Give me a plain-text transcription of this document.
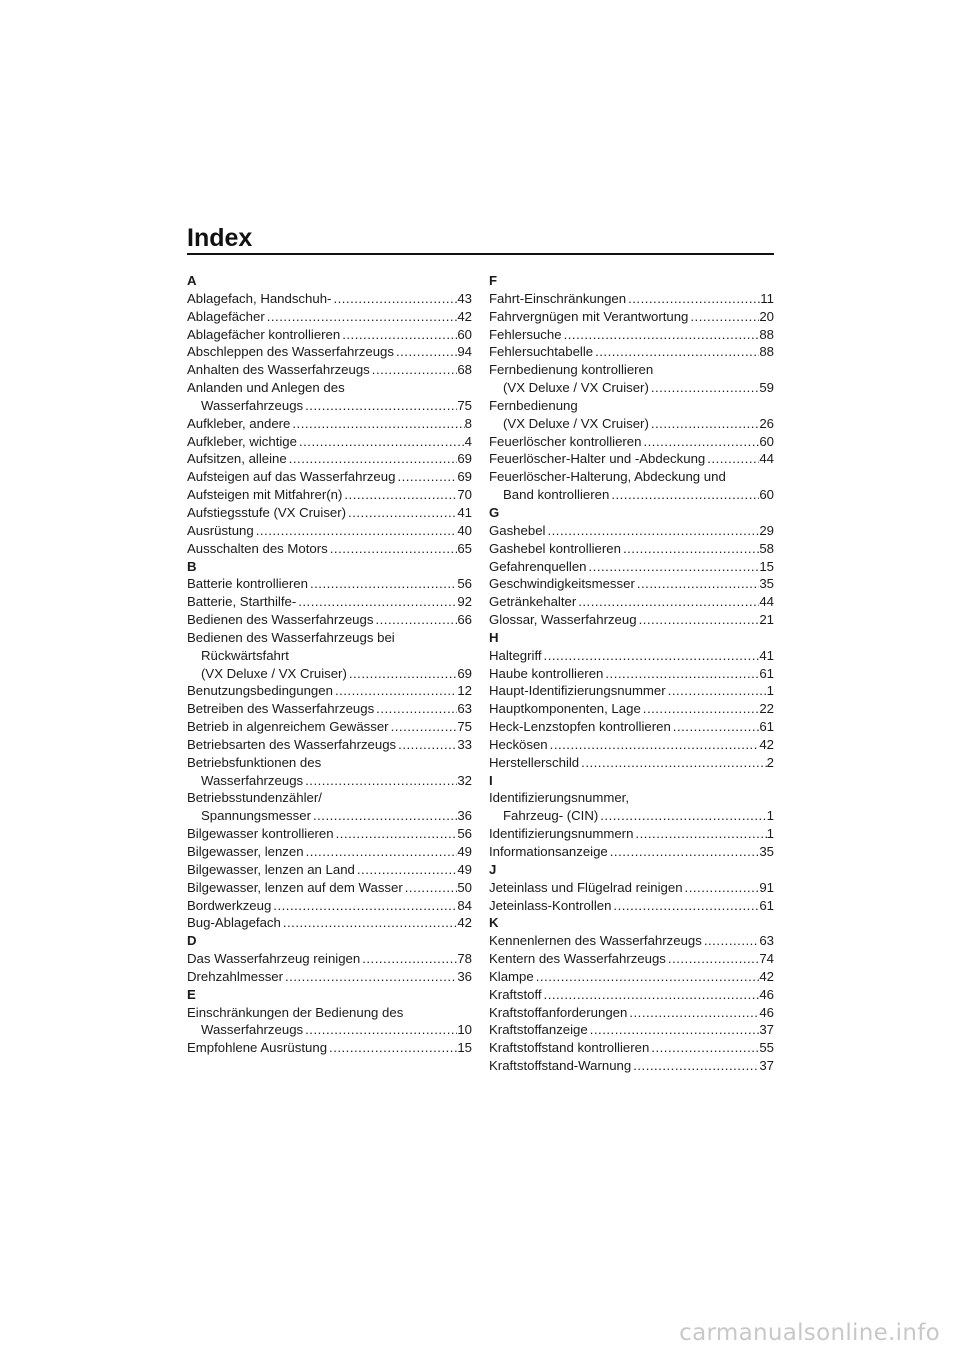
Index
A
Ablagefach, Handschuh- .....	43
Ablagefächer .....	42
Ablagefächer kontrollieren .....	60
Abschleppen des Wasserfahrzeugs .....	94
Anhalten des Wasserfahrzeugs .....	68
Anlanden und Anlegen des
Wasserfahrzeugs .....	75
Aufkleber, andere .....	8
Aufkleber, wichtige .....	4
Aufsitzen, alleine .....	69
Aufsteigen auf das Wasserfahrzeug .....	69
Aufsteigen mit Mitfahrer(n) .....	70
Aufstiegsstufe (VX Cruiser) .....	41
Ausrüstung .....	40
Ausschalten des Motors .....	65
B
Batterie kontrollieren .....	56
Batterie, Starthilfe- .....	92
Bedienen des Wasserfahrzeugs .....	66
Bedienen des Wasserfahrzeugs bei
Rückwärtsfahrt
(VX Deluxe / VX Cruiser) .....	69
Benutzungsbedingungen .....	12
Betreiben des Wasserfahrzeugs .....	63
Betrieb in algenreichem Gewässer .....	75
Betriebsarten des Wasserfahrzeugs .....	33
Betriebsfunktionen des
Wasserfahrzeugs .....	32
Betriebsstundenzähler/
Spannungsmesser .....	36
Bilgewasser kontrollieren .....	56
Bilgewasser, lenzen .....	49
Bilgewasser, lenzen an Land .....	49
Bilgewasser, lenzen auf dem Wasser .....	50
Bordwerkzeug .....	84
Bug-Ablagefach .....	42
D
Das Wasserfahrzeug reinigen .....	78
Drehzahlmesser .....	36
E
Einschränkungen der Bedienung des
Wasserfahrzeugs .....	10
Empfohlene Ausrüstung .....	15
F
Fahrt-Einschränkungen .....	11
Fahrvergnügen mit Verantwortung .....	20
Fehlersuche .....	88
Fehlersuchtabelle .....	88
Fernbedienung kontrollieren
(VX Deluxe / VX Cruiser) .....	59
Fernbedienung
(VX Deluxe / VX Cruiser) .....	26
Feuerlöscher kontrollieren .....	60
Feuerlöscher-Halter und -Abdeckung .....	44
Feuerlöscher-Halterung, Abdeckung und
Band kontrollieren .....	60
G
Gashebel .....	29
Gashebel kontrollieren .....	58
Gefahrenquellen .....	15
Geschwindigkeitsmesser .....	35
Getränkehalter .....	44
Glossar, Wasserfahrzeug .....	21
H
Haltegriff .....	41
Haube kontrollieren .....	61
Haupt-Identifizierungsnummer .....	1
Hauptkomponenten, Lage .....	22
Heck-Lenzstopfen kontrollieren .....	61
Hecköse​n .....	42
Herstellerschild .....	2
I
Identifizierungsnummer,
Fahrzeug- (CIN) .....	1
Identifizierungsnummern .....	1
Informationsanzeige .....	35
J
Jeteinlass und Flügelrad reinigen .....	91
Jeteinlass-Kontrollen .....	61
K
Kennenlernen des Wasserfahrzeugs .....	63
Kentern des Wasserfahrzeugs .....	74
Klampe .....	42
Kraftstoff .....	46
Kraftstoffanforderungen .....	46
Kraftstoffanzeige .....	37
Kraftstoffstand kontrollieren .....	55
Kraftstoffstand-Warnung .....	37
carmanualsonline.info
